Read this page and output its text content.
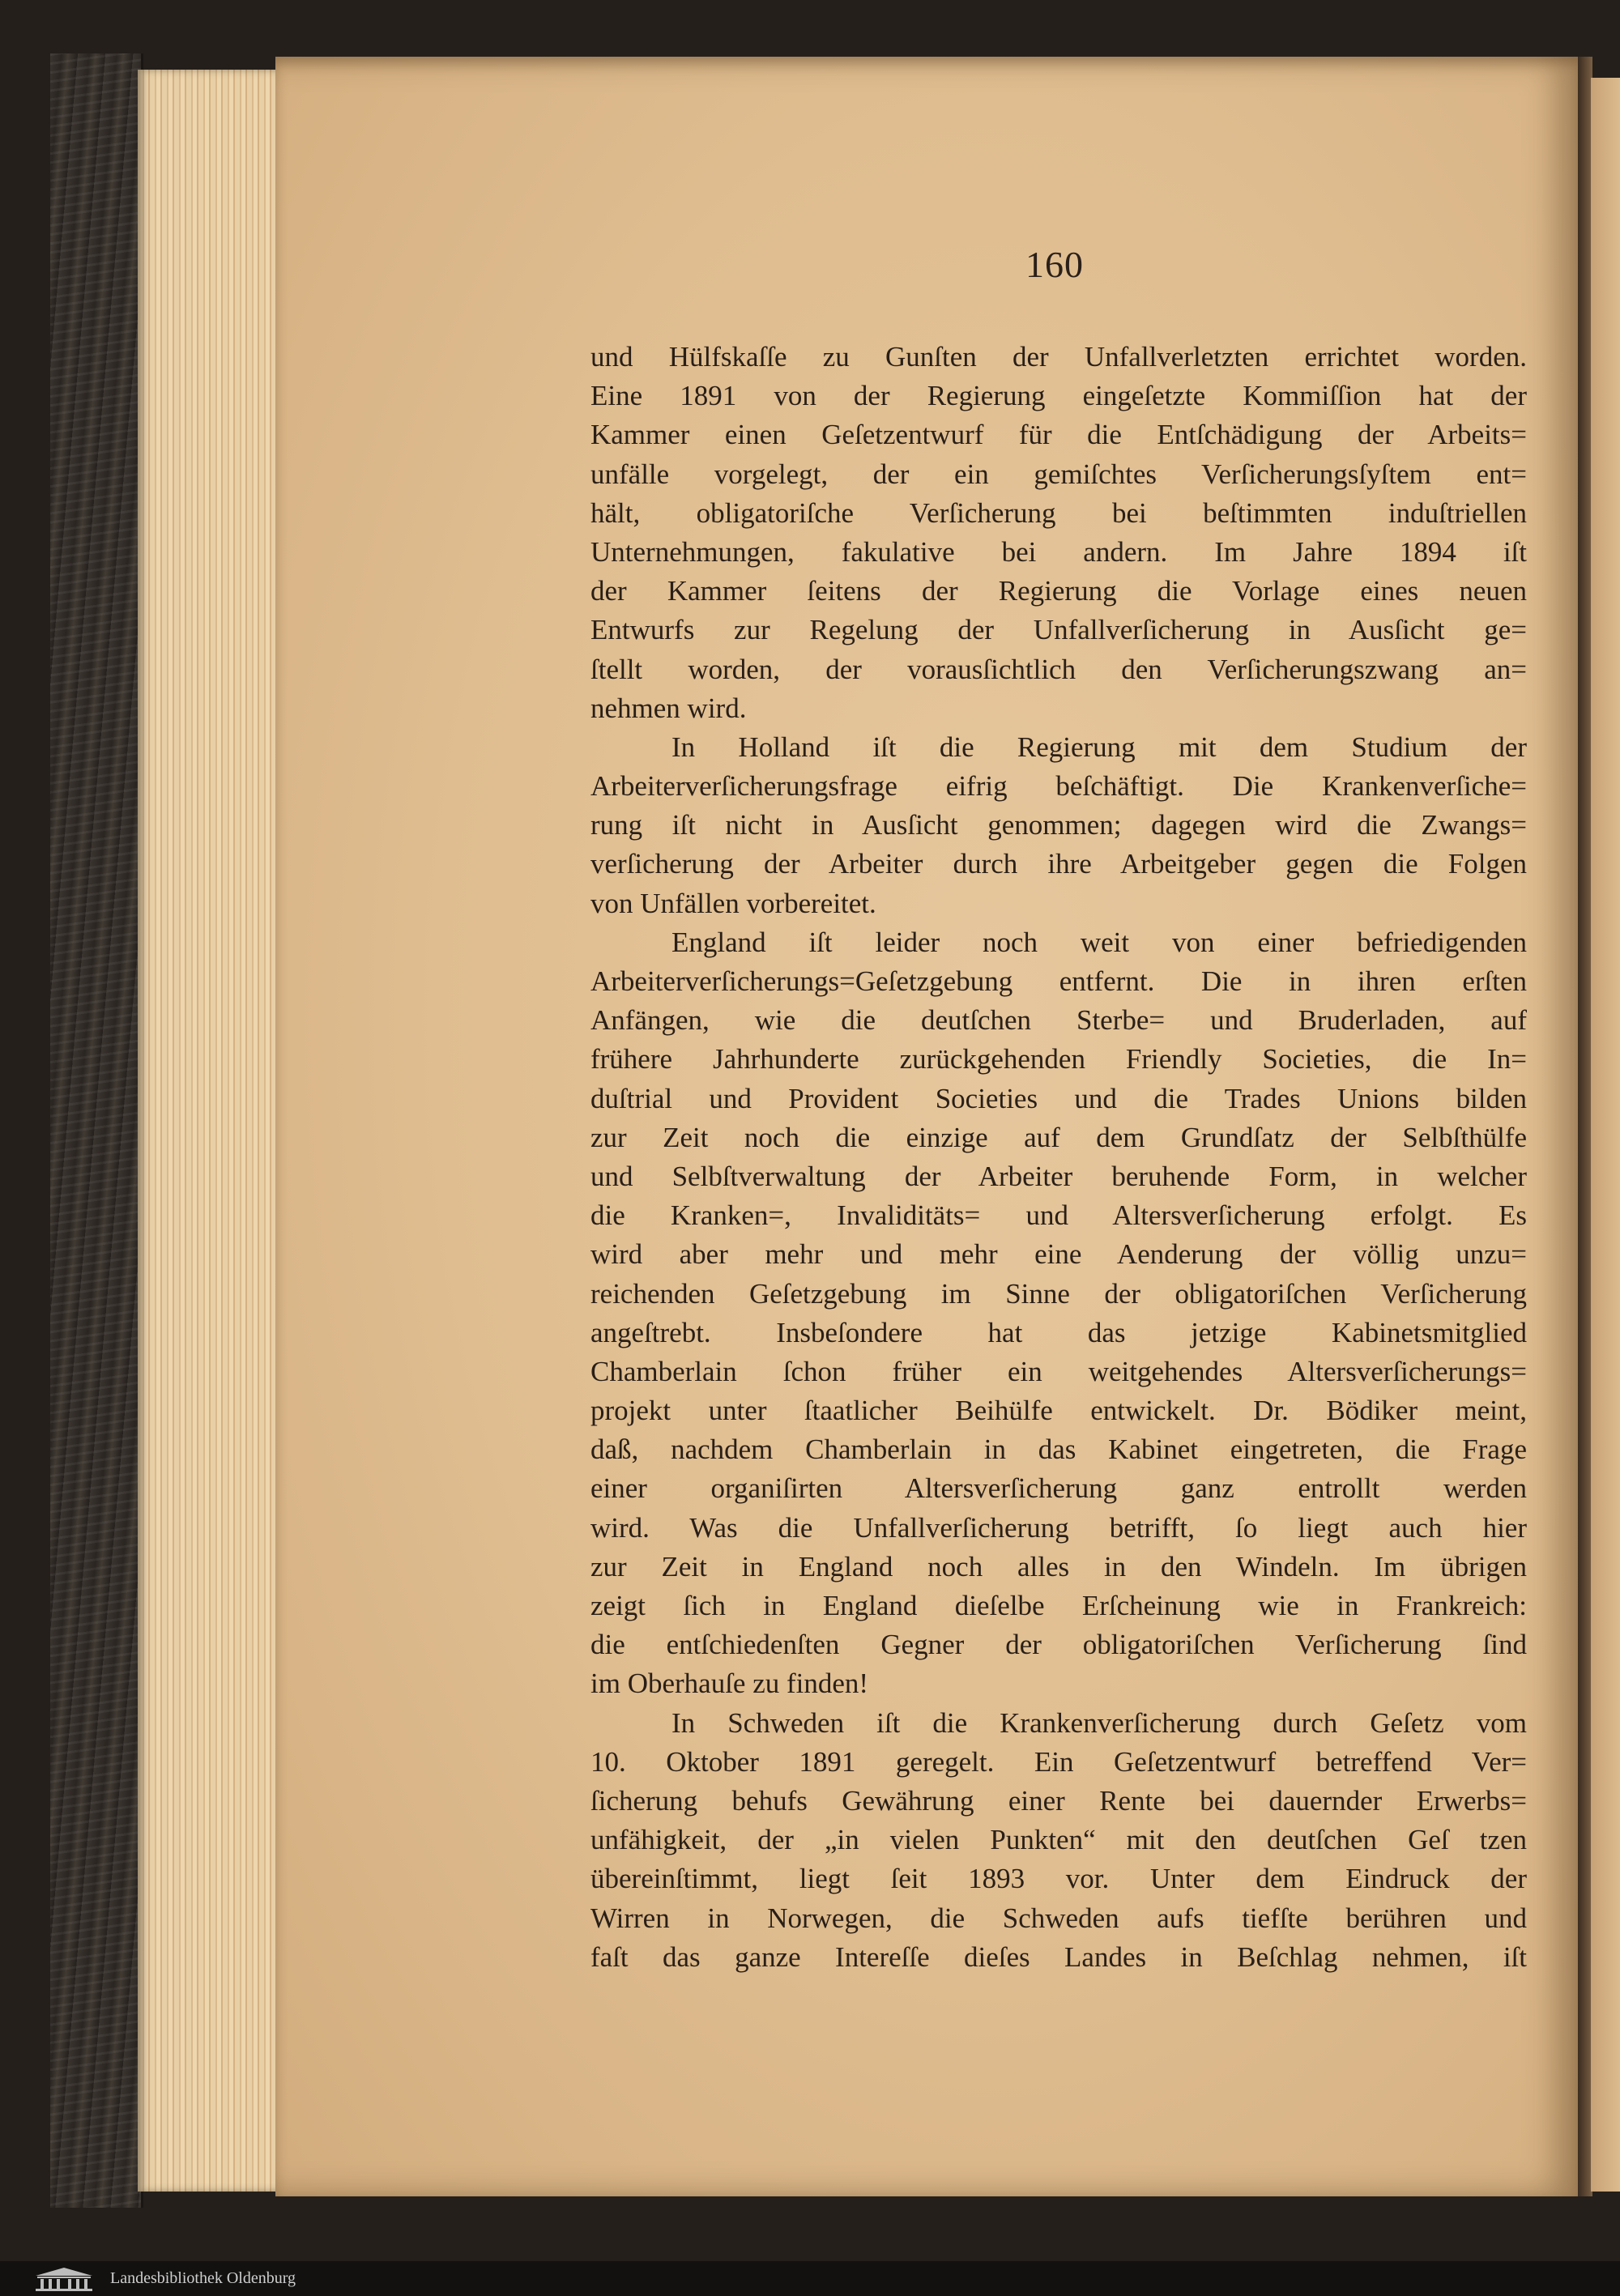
160
und Hülfskaſſe zu Gunſten der Unfallverletzten errichtet worden.
Eine 1891 von der Regierung eingeſetzte Kommiſſion hat der
Kammer einen Geſetzentwurf für die Entſchädigung der Arbeits=
unfälle vorgelegt, der ein gemiſchtes Verſicherungsſyſtem ent=
hält, obligatoriſche Verſicherung bei beſtimmten induſtriellen
Unternehmungen, fakulative bei andern. Im Jahre 1894 iſt
der Kammer ſeitens der Regierung die Vorlage eines neuen
Entwurfs zur Regelung der Unfallverſicherung in Ausſicht ge=
ſtellt worden, der vorausſichtlich den Verſicherungszwang an=
nehmen wird.
In Holland iſt die Regierung mit dem Studium der
Arbeiterverſicherungsfrage eifrig beſchäftigt. Die Krankenverſiche=
rung iſt nicht in Ausſicht genommen; dagegen wird die Zwangs=
verſicherung der Arbeiter durch ihre Arbeitgeber gegen die Folgen
von Unfällen vorbereitet.
England iſt leider noch weit von einer befriedigenden
Arbeiterverſicherungs=Geſetzgebung entfernt. Die in ihren erſten
Anfängen, wie die deutſchen Sterbe= und Bruderladen, auf
frühere Jahrhunderte zurückgehenden Friendly Societies, die In=
duſtrial und Provident Societies und die Trades Unions bilden
zur Zeit noch die einzige auf dem Grundſatz der Selbſthülfe
und Selbſtverwaltung der Arbeiter beruhende Form, in welcher
die Kranken=, Invaliditäts= und Altersverſicherung erfolgt. Es
wird aber mehr und mehr eine Aenderung der völlig unzu=
reichenden Geſetzgebung im Sinne der obligatoriſchen Verſicherung
angeſtrebt. Insbeſondere hat das jetzige Kabinetsmitglied
Chamberlain ſchon früher ein weitgehendes Altersverſicherungs=
projekt unter ſtaatlicher Beihülfe entwickelt. Dr. Bödiker meint,
daß, nachdem Chamberlain in das Kabinet eingetreten, die Frage
einer organiſirten Altersverſicherung ganz entrollt werden
wird. Was die Unfallverſicherung betrifft, ſo liegt auch hier
zur Zeit in England noch alles in den Windeln. Im übrigen
zeigt ſich in England dieſelbe Erſcheinung wie in Frankreich:
die entſchiedenſten Gegner der obligatoriſchen Verſicherung ſind
im Oberhauſe zu finden!
In Schweden iſt die Krankenverſicherung durch Geſetz vom
10. Oktober 1891 geregelt. Ein Geſetzentwurf betreffend Ver=
ſicherung behufs Gewährung einer Rente bei dauernder Erwerbs=
unfähigkeit, der „in vielen Punkten“ mit den deutſchen Geſ tzen
übereinſtimmt, liegt ſeit 1893 vor. Unter dem Eindruck der
Wirren in Norwegen, die Schweden aufs tiefſte berühren und
faſt das ganze Intereſſe dieſes Landes in Beſchlag nehmen, iſt
Landesbibliothek Oldenburg
